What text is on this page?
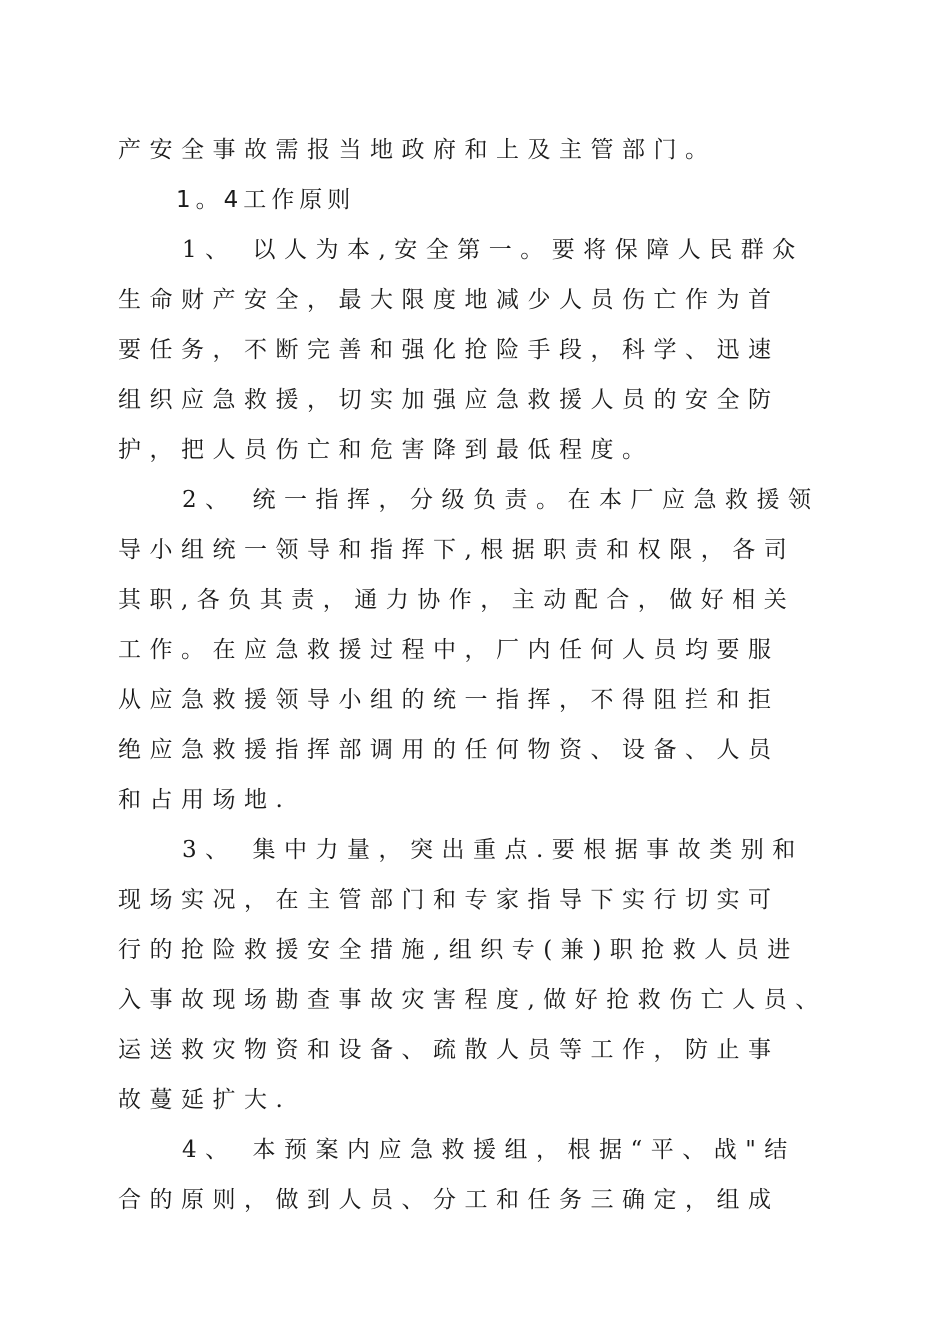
产安全事故需报当地政府和上及主管部门。
1。4工作原则
1、 以人为本,安全第一。要将保障人民群众
生命财产安全，最大限度地减少人员伤亡作为首
要任务，不断完善和强化抢险手段，科学、迅速
组织应急救援，切实加强应急救援人员的安全防
护，把人员伤亡和危害降到最低程度。
2、 统一指挥，分级负责。在本厂应急救援领
导小组统一领导和指挥下,根据职责和权限，各司
其职,各负其责，通力协作，主动配合，做好相关
工作。在应急救援过程中，厂内任何人员均要服
从应急救援领导小组的统一指挥，不得阻拦和拒
绝应急救援指挥部调用的任何物资、设备、人员
和占用场地.
3、 集中力量，突出重点.要根据事故类别和
现场实况，在主管部门和专家指导下实行切实可
行的抢险救援安全措施,组织专(兼)职抢救人员进
入事故现场勘查事故灾害程度,做好抢救伤亡人员、
运送救灾物资和设备、疏散人员等工作，防止事
故蔓延扩大.
4、 本预案内应急救援组，根据“平、战"结
合的原则，做到人员、分工和任务三确定，组成
